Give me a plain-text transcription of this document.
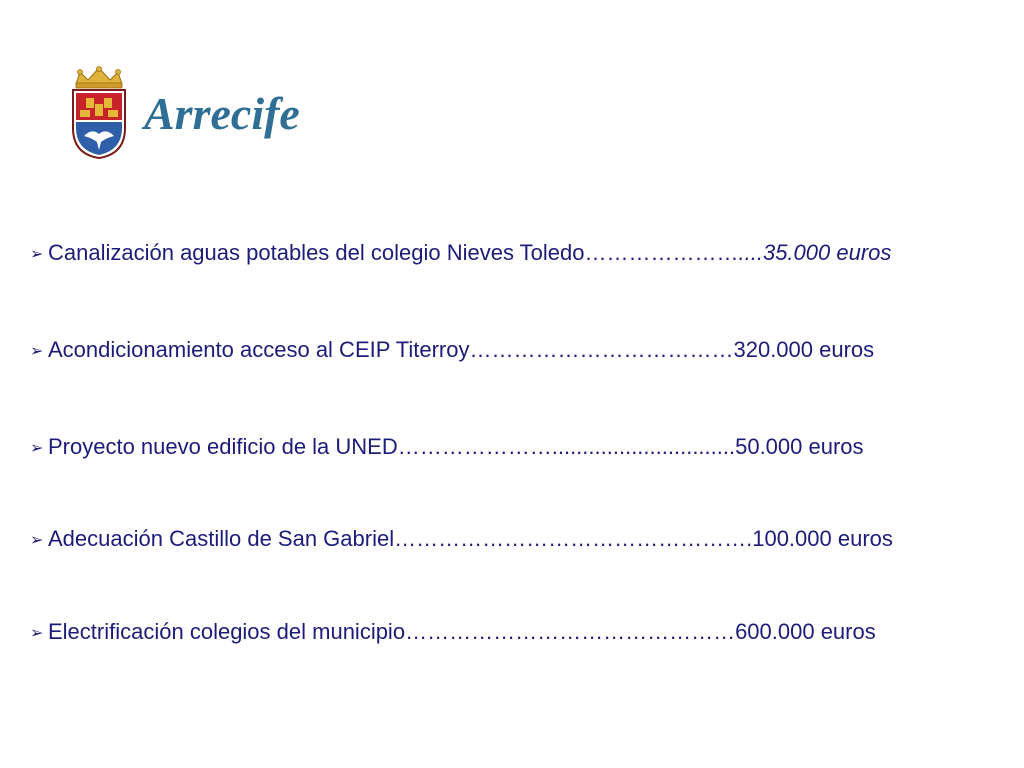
Arrecife
➢ Canalización aguas potables del colegio Nieves Toledo…………………....35.000 euros
➢ Acondicionamiento acceso al CEIP Titerroy………………………………320.000 euros
➢ Proyecto nuevo edificio de la UNED…………………..............................50.000 euros
➢ Adecuación Castillo de San Gabriel………………………………………….100.000 euros
➢ Electrificación colegios del municipio………………………………………600.000 euros
